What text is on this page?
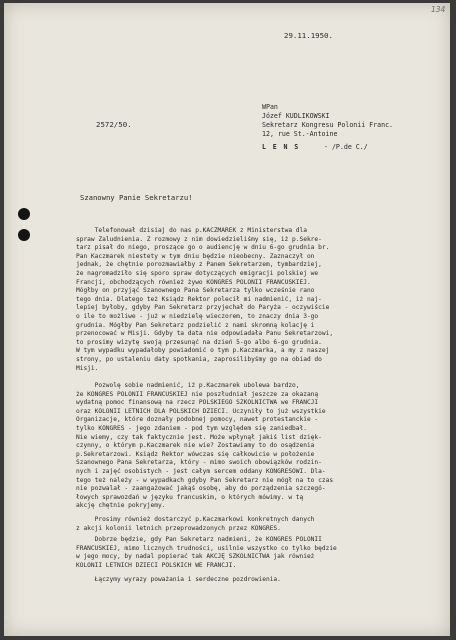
134
29.11.1950.
2572/50.
WPan
Józef KUDLIKOWSKI
Sekretarz Kongresu Polonii Franc.
12, rue St.-Antoine
L E N S	- /P.de C./
Szanowny Panie Sekretarzu!
Telefonował dzisiaj do nas p.KACZMAREK z Ministerstwa dla
spraw Zaludnienia. Z rozmowy z nim dowiedzieliśmy się, iż p.Sekre-
tarz pisał do niego, proszące go o audiencję w dniu 6-go grudnia br.
Pan Kaczmarek niestety w tym dniu będzie nieobecny. Zaznaczył on
jednak, że chętnie porozmawiałby z Panem Sekretarzem, tymbardziej,
że nagromadziło się sporo spraw dotyczących emigracji polskiej we
Francji, obchodzących również żywo KONGRES POLONII FRANCUSKIEJ.
Mógłby on przyjąć Szanownego Pana Sekretarza tylko wcześnie rano
tego dnia. Dlatego też Ksiądz Rektor polecił mi nadmienić, iż naj-
lepiej byłoby, gdyby Pan Sekretarz przyjechał do Paryża - oczywiście
o ile to możliwe - już w niedzielę wieczorem, to znaczy dnia 3-go
grudnia. Mógłby Pan Sekretarz podzielić z nami skromną kolację i
przenocować w Misji. Gdyby ta data nie odpowiadała Panu Sekretarzowi,
to prosimy wizytę swoją przesunąć na dzień 5-go albo 6-go grudnia.
W tym wypadku wypadałoby powiadomić o tym p.Kaczmarka, a my z naszej
strony, po ustaleniu daty spotkania, zaprosilibyśmy go na obiad do
Misji.
Pozwolę sobie nadmienić, iż p.Kaczmarek ubolewa bardzo,
że KONGRES POLONII FRANCUSKIEJ nie poszłudniał jeszcze za okazaną
wydatną pomoc finansową na rzecz POLSKIEGO SZKOLNICTWA we FRANCJI
oraz KOLONII LETNICH DLA POLSKICH DZIECI. Uczyniły to już wszystkie
Organizacje, które doznały podobnej pomocy, nawet protestanckie -
tylko KONGRES - jego zdaniem - pod tym względem się zaniedbał.
Nie wiemy, czy tak faktycznie jest. Może wpłynął jakiś list dzięk-
czynny, o którym p.Kaczmarek nie wie? Zostawiamy to do osądzenia
p.Sekretarzowi. Ksiądz Rektor wówczas się całkowicie w położenie
Szanownego Pana Sekretarza, który - mimo swoich obowiązków rodzin-
nych i zajęć osobistych - jest całym sercem oddany KONGRESOWI. Dla-
tego też należy - w wypadkach gdyby Pan Sekretarz nie mógł na to czas
nie pozwalał - zaangażować jakąś osobę, aby do porządzenia szczegó-
łowych sprawozdań w języku francuskim, o których mówimy. w tą
akcję chętnie pokryjemy.
Prosimy również dostarczyć p.Kaczmarkowi konkretnych danych
z akcji kolonii letnich przeprowadzonych przez KONGRES.
Dobrze będzie, gdy Pan Sekretarz nadmieni, że KONGRES POLONII
FRANCUSKIEJ, mimo licznych trudności, usilnie wszystko co tylko będzie
w jego mocy, by nadal popierać tak AKCJĘ SZKOLNICTWA jak również
KOLONII LETNICH DZIECI POLSKICH WE FRANCJI.
Łączymy wyrazy poważania i serdeczne pozdrowienia.
